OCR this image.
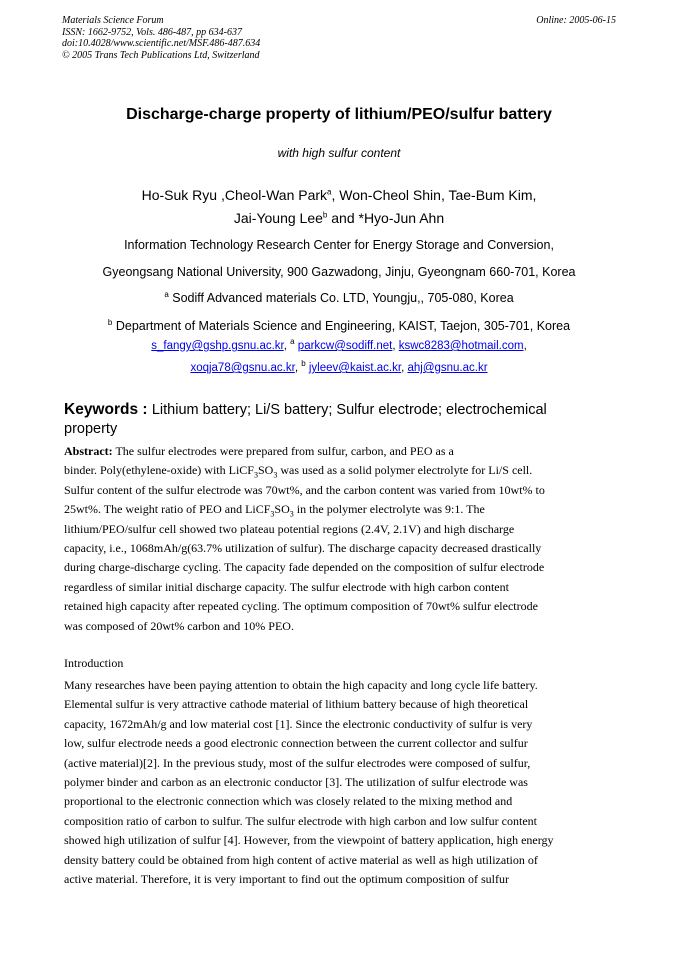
Materials Science Forum
ISSN: 1662-9752, Vols. 486-487, pp 634-637
doi:10.4028/www.scientific.net/MSF.486-487.634
© 2005 Trans Tech Publications Ltd, Switzerland
Online: 2005-06-15
Discharge-charge property of lithium/PEO/sulfur battery
with high sulfur content
Ho-Suk Ryu ,Cheol-Wan Park$^a$, Won-Cheol Shin, Tae-Bum Kim,
Jai-Young Lee$^b$ and *Hyo-Jun Ahn
Information Technology Research Center for Energy Storage and Conversion,
Gyeongsang National University, 900 Gazwadong, Jinju, Gyeongnam 660-701, Korea
$^a$ Sodiff Advanced materials Co. LTD, Youngju,, 705-080, Korea
$^b$ Department of Materials Science and Engineering, KAIST, Taejon, 305-701, Korea
s_fangy@gshp.gsnu.ac.kr, $^a$ parkcw@sodiff.net, kswc8283@hotmail.com,
xoqja78@gsnu.ac.kr, $^b$ jyleev@kaist.ac.kr, ahj@gsnu.ac.kr
Keywords : Lithium battery; Li/S battery; Sulfur electrode; electrochemical
property
Abstract: The sulfur electrodes were prepared from sulfur, carbon, and PEO as a
binder. Poly(ethylene-oxide) with $LiCF_3SO_3$ was used as a solid polymer electrolyte for Li/S cell.
Sulfur content of the sulfur electrode was 70wt%, and the carbon content was varied from 10wt% to
25wt%. The weight ratio of PEO and $LiCF_3SO_3$ in the polymer electrolyte was 9:1. The
lithium/PEO/sulfur cell showed two plateau potential regions (2.4V, 2.1V) and high discharge
capacity, i.e., 1068mAh/g(63.7% utilization of sulfur). The discharge capacity decreased drastically
during charge-discharge cycling. The capacity fade depended on the composition of sulfur electrode
regardless of similar initial discharge capacity. The sulfur electrode with high carbon content
retained high capacity after repeated cycling. The optimum composition of 70wt% sulfur electrode
was composed of 20wt% carbon and 10% PEO.
Introduction
Many researches have been paying attention to obtain the high capacity and long cycle life battery.
Elemental sulfur is very attractive cathode material of lithium battery because of high theoretical
capacity, 1672mAh/g and low material cost [1]. Since the electronic conductivity of sulfur is very
low, sulfur electrode needs a good electronic connection between the current collector and sulfur
(active material)[2]. In the previous study, most of the sulfur electrodes were composed of sulfur,
polymer binder and carbon as an electronic conductor [3]. The utilization of sulfur electrode was
proportional to the electronic connection which was closely related to the mixing method and
composition ratio of carbon to sulfur. The sulfur electrode with high carbon and low sulfur content
showed high utilization of sulfur [4]. However, from the viewpoint of battery application, high energy
density battery could be obtained from high content of active material as well as high utilization of
active material. Therefore, it is very important to find out the optimum composition of sulfur
